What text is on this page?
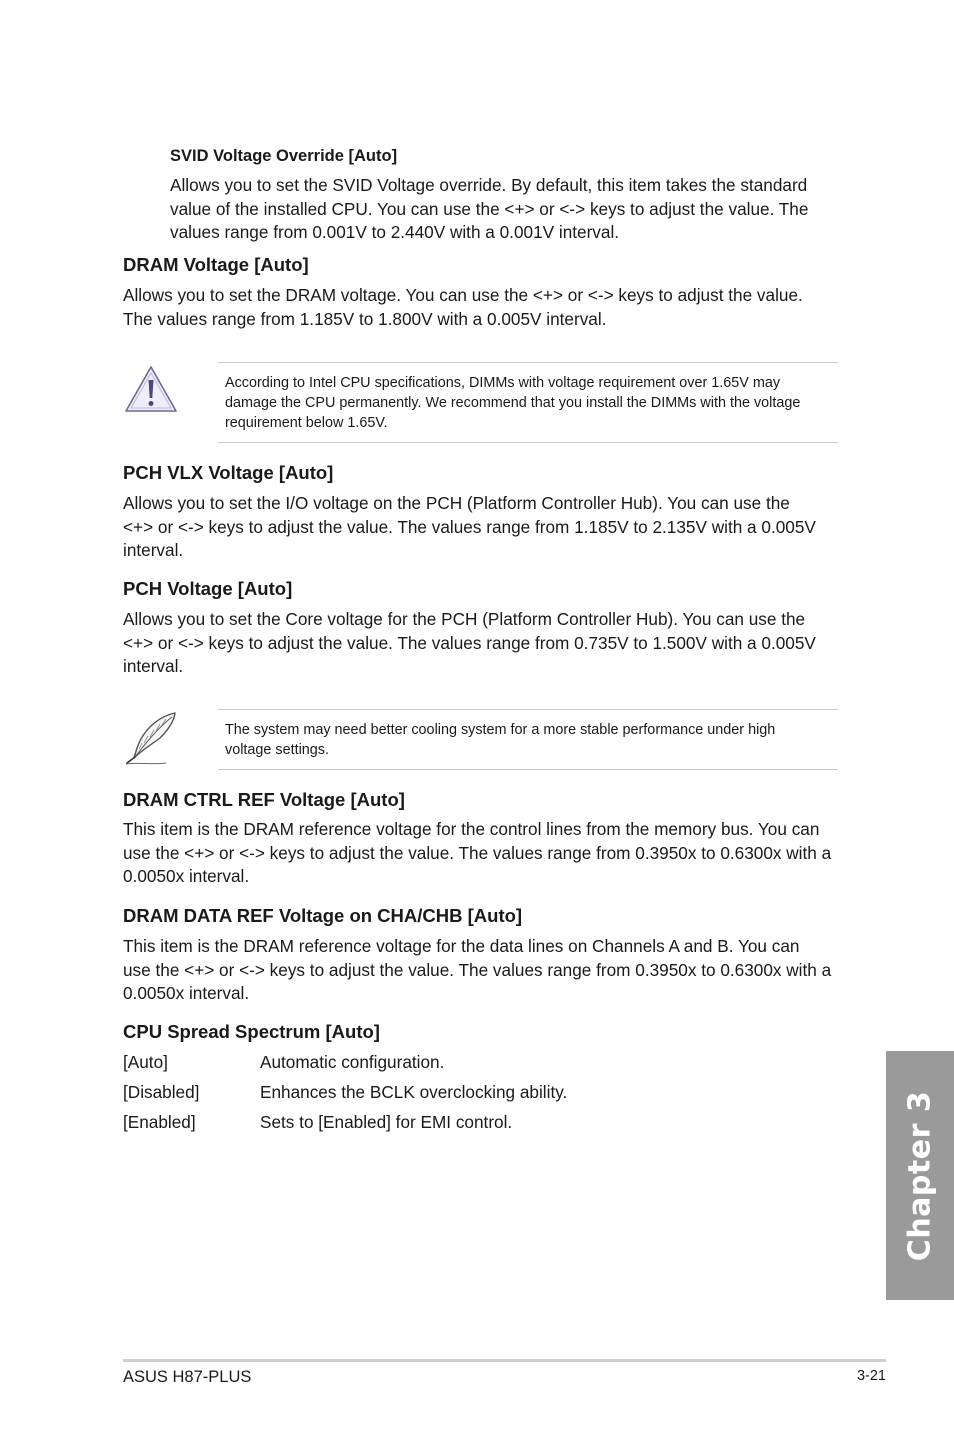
SVID Voltage Override [Auto]
Allows you to set the SVID Voltage override. By default, this item takes the standard
value of the installed CPU. You can use the <+> or <-> keys to adjust the value. The
values range from 0.001V to 2.440V with a 0.001V interval.
DRAM Voltage [Auto]
Allows you to set the DRAM voltage. You can use the <+> or <-> keys to adjust the value.
The values range from 1.185V to 1.800V with a 0.005V interval.
According to Intel CPU specifications, DIMMs with voltage requirement over 1.65V may
damage the CPU permanently. We recommend that you install the DIMMs with the voltage
requirement below 1.65V.
PCH VLX Voltage [Auto]
Allows you to set the I/O voltage on the PCH (Platform Controller Hub). You can use the
<+> or <-> keys to adjust the value. The values range from 1.185V to 2.135V with a 0.005V
interval.
PCH Voltage [Auto]
Allows you to set the Core voltage for the PCH (Platform Controller Hub). You can use the
<+> or <-> keys to adjust the value. The values range from 0.735V to 1.500V with a 0.005V
interval.
The system may need better cooling system for a more stable performance under high
voltage settings.
DRAM CTRL REF Voltage [Auto]
This item is the DRAM reference voltage for the control lines from the memory bus. You can
use the <+> or <-> keys to adjust the value. The values range from 0.3950x to 0.6300x with a
0.0050x interval.
DRAM DATA REF Voltage on CHA/CHB [Auto]
This item is the DRAM reference voltage for the data lines on Channels A and B. You can
use the <+> or <-> keys to adjust the value. The values range from 0.3950x to 0.6300x with a
0.0050x interval.
CPU Spread Spectrum [Auto]
[Auto]	Automatic configuration.
[Disabled]	Enhances the BCLK overclocking ability.
[Enabled]	Sets to [Enabled] for EMI control.	Chapter 3
ASUS H87-PLUS	3-21
